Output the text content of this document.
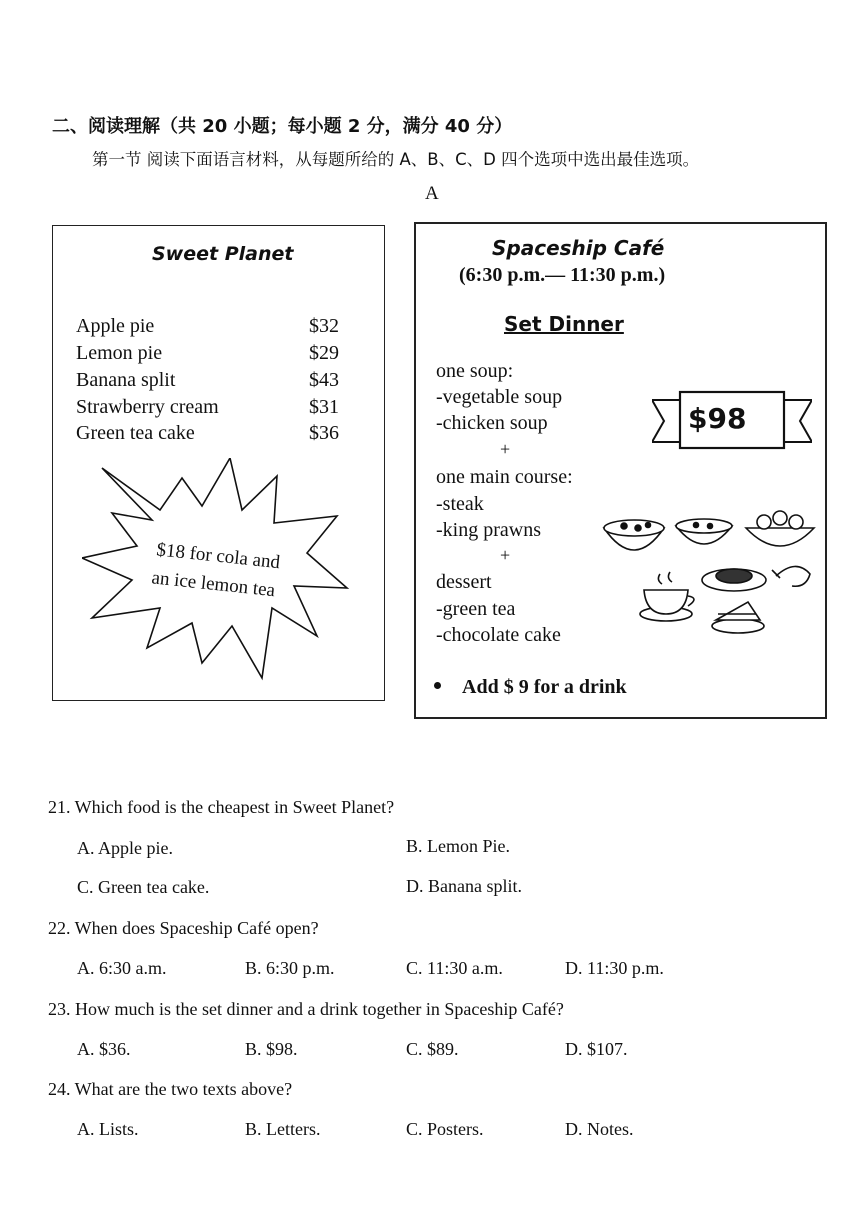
二、阅读理解（共 20 小题；每小题 2 分，满分 40 分）
第一节 阅读下面语言材料，从每题所给的 A、B、C、D 四个选项中选出最佳选项。
A
Sweet Planet
Apple pie	$32
Lemon pie	$29
Banana split	$43
Strawberry cream	$31
Green tea cake	$36
$18 for cola and
an ice lemon tea
Spaceship Café
(6:30 p.m.— 11:30 p.m.)
Set Dinner
one soup:
-vegetable soup
-chicken soup
+
one main course:
-steak
-king prawns
+
dessert
-green tea
-chocolate cake
$98
Add $ 9 for a drink
21. Which food is the cheapest in Sweet Planet?
A. Apple pie.	B. Lemon Pie.
C. Green tea cake.	D. Banana split.
22. When does Spaceship Café open?
A. 6:30 a.m.	B. 6:30 p.m.	C. 11:30 a.m.	D. 11:30 p.m.
23. How much is the set dinner and a drink together in Spaceship Café?
A. $36.	B. $98.	C. $89.	D. $107.
24. What are the two texts above?
A. Lists.	B. Letters.	C. Posters.	D. Notes.
